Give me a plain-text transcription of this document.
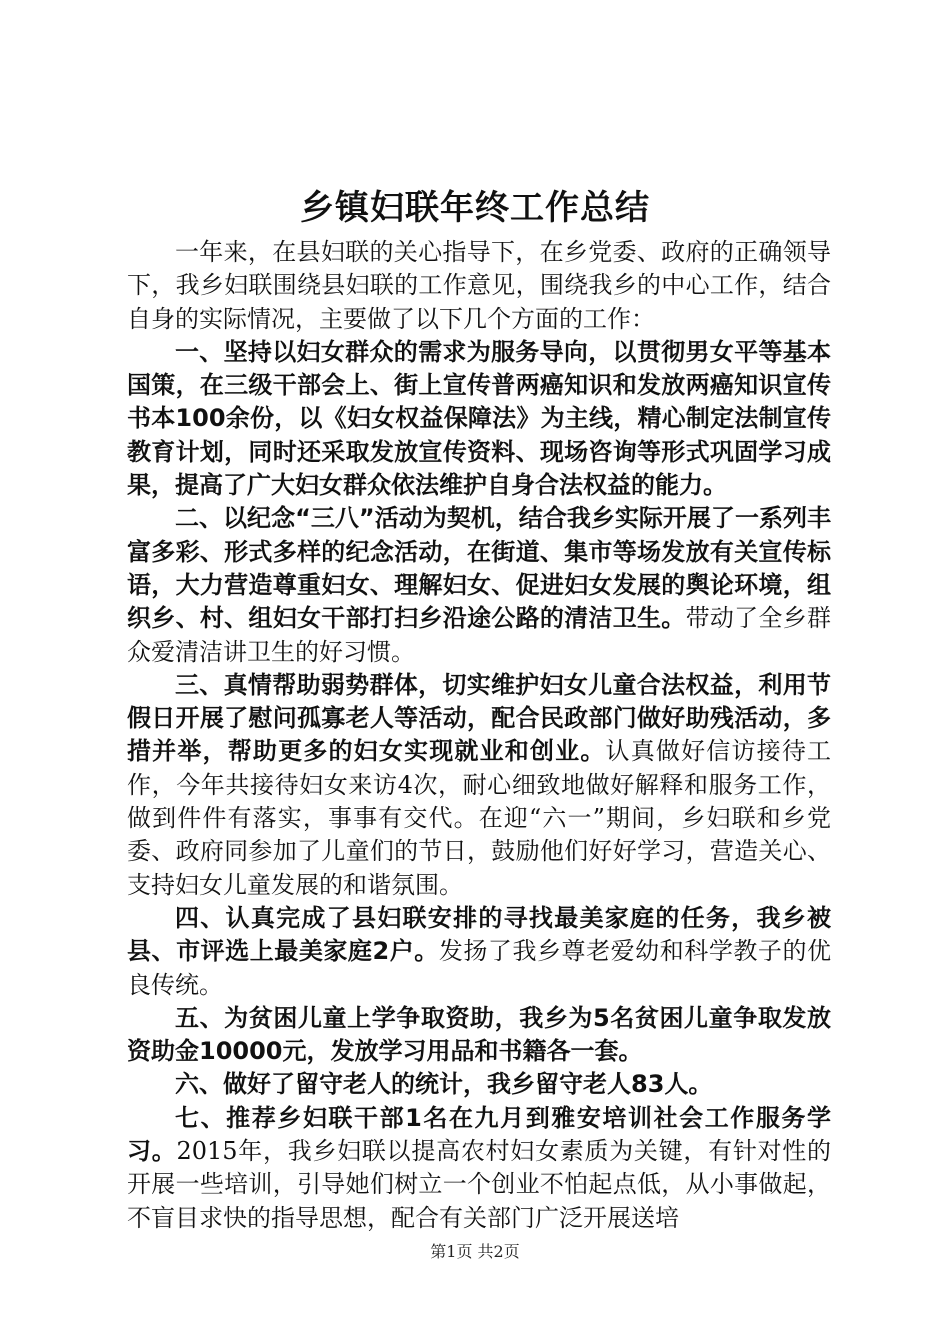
乡镇妇联年终工作总结

一年来，在县妇联的关心指导下，在乡党委、政府的正确领导下，我乡妇联围绕县妇联的工作意见，围绕我乡的中心工作，结合自身的实际情况，主要做了以下几个方面的工作：

一、坚持以妇女群众的需求为服务导向，以贯彻男女平等基本国策，在三级干部会上、街上宣传普两癌知识和发放两癌知识宣传书本100余份，以《妇女权益保障法》为主线，精心制定法制宣传教育计划，同时还采取发放宣传资料、现场咨询等形式巩固学习成果，提高了广大妇女群众依法维护自身合法权益的能力。

二、以纪念“三八”活动为契机，结合我乡实际开展了一系列丰富多彩、形式多样的纪念活动，在街道、集市等场发放有关宣传标语，大力营造尊重妇女、理解妇女、促进妇女发展的舆论环境，组织乡、村、组妇女干部打扫乡沿途公路的清洁卫生。带动了全乡群众爱清洁讲卫生的好习惯。

三、真情帮助弱势群体，切实维护妇女儿童合法权益，利用节假日开展了慰问孤寡老人等活动，配合民政部门做好助残活动，多措并举，帮助更多的妇女实现就业和创业。认真做好信访接待工作，今年共接待妇女来访4次，耐心细致地做好解释和服务工作，做到件件有落实，事事有交代。在迎“六一”期间，乡妇联和乡党委、政府同参加了儿童们的节日，鼓励他们好好学习，营造关心、支持妇女儿童发展的和谐氛围。

四、认真完成了县妇联安排的寻找最美家庭的任务，我乡被县、市评选上最美家庭2户。发扬了我乡尊老爱幼和科学教子的优良传统。

五、为贫困儿童上学争取资助，我乡为5名贫困儿童争取发放资助金10000元，发放学习用品和书籍各一套。

六、做好了留守老人的统计，我乡留守老人83人。

七、推荐乡妇联干部1名在九月到雅安培训社会工作服务学习。2015年，我乡妇联以提高农村妇女素质为关键，有针对性的开展一些培训，引导她们树立一个创业不怕起点低，从小事做起，不盲目求快的指导思想，配合有关部门广泛开展送培

第1页 共2页
